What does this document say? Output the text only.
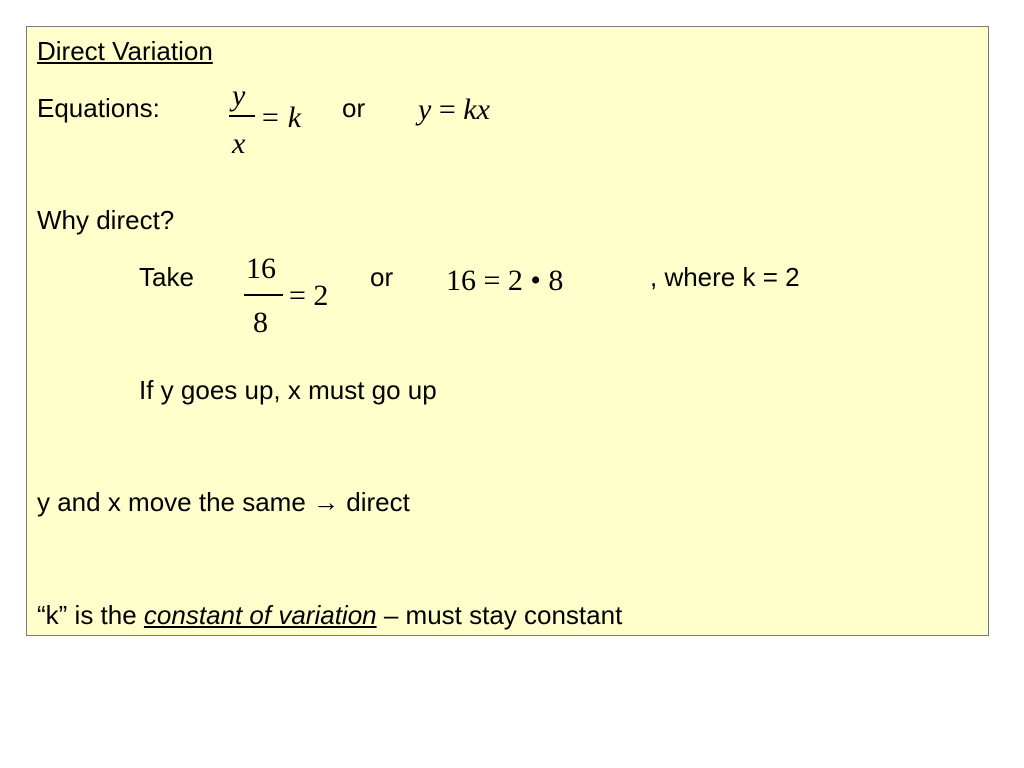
Direct Variation
Equations: y
x
= k or y = kx
Why direct?
Take 16
8
= 2
or 16 = 2 • 8	, where k = 2
If y goes up, x must go up
y and x move the same → direct
“k” is the constant of variation – must stay constant
